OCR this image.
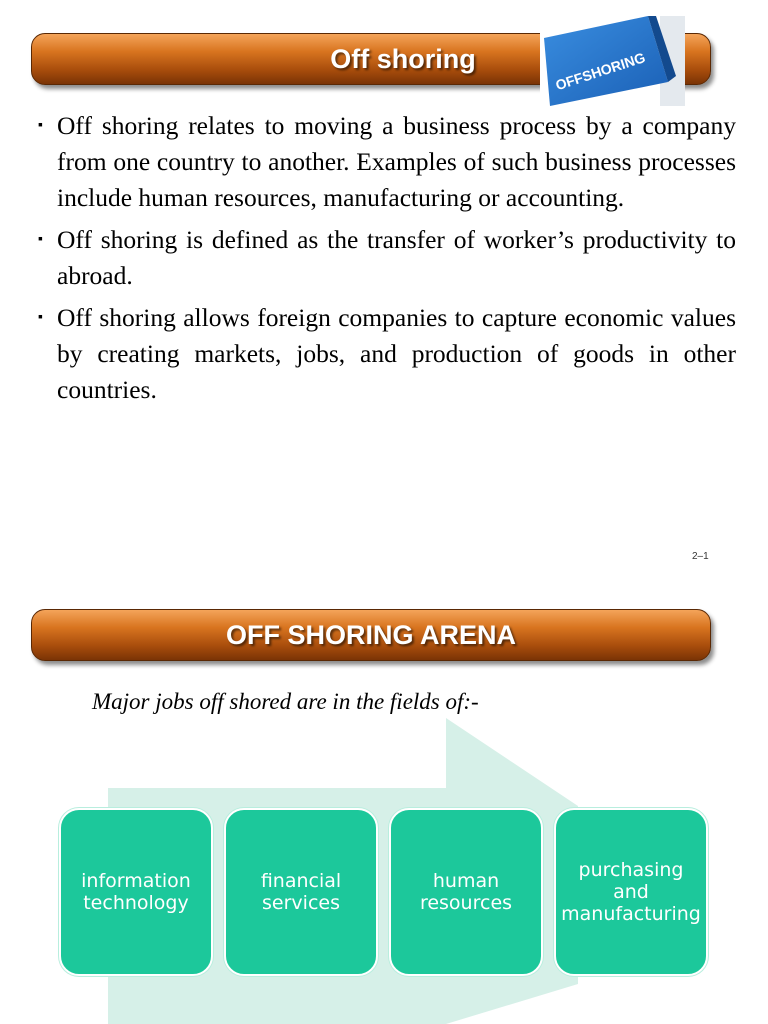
Off shoring	OFFSHORING
▪ Off shoring relates to moving a business process by a company from one country to another. Examples of such business processes include human resources, manufacturing or accounting.
▪ Off shoring is defined as the transfer of worker’s productivity to abroad.
▪ Off shoring allows foreign companies to capture economic values by creating markets, jobs, and production of goods in other countries.
2–1
OFF SHORING ARENA
Major jobs off shored are in the fields of:-
information technology
financial services
human resources
purchasing and manufacturing
